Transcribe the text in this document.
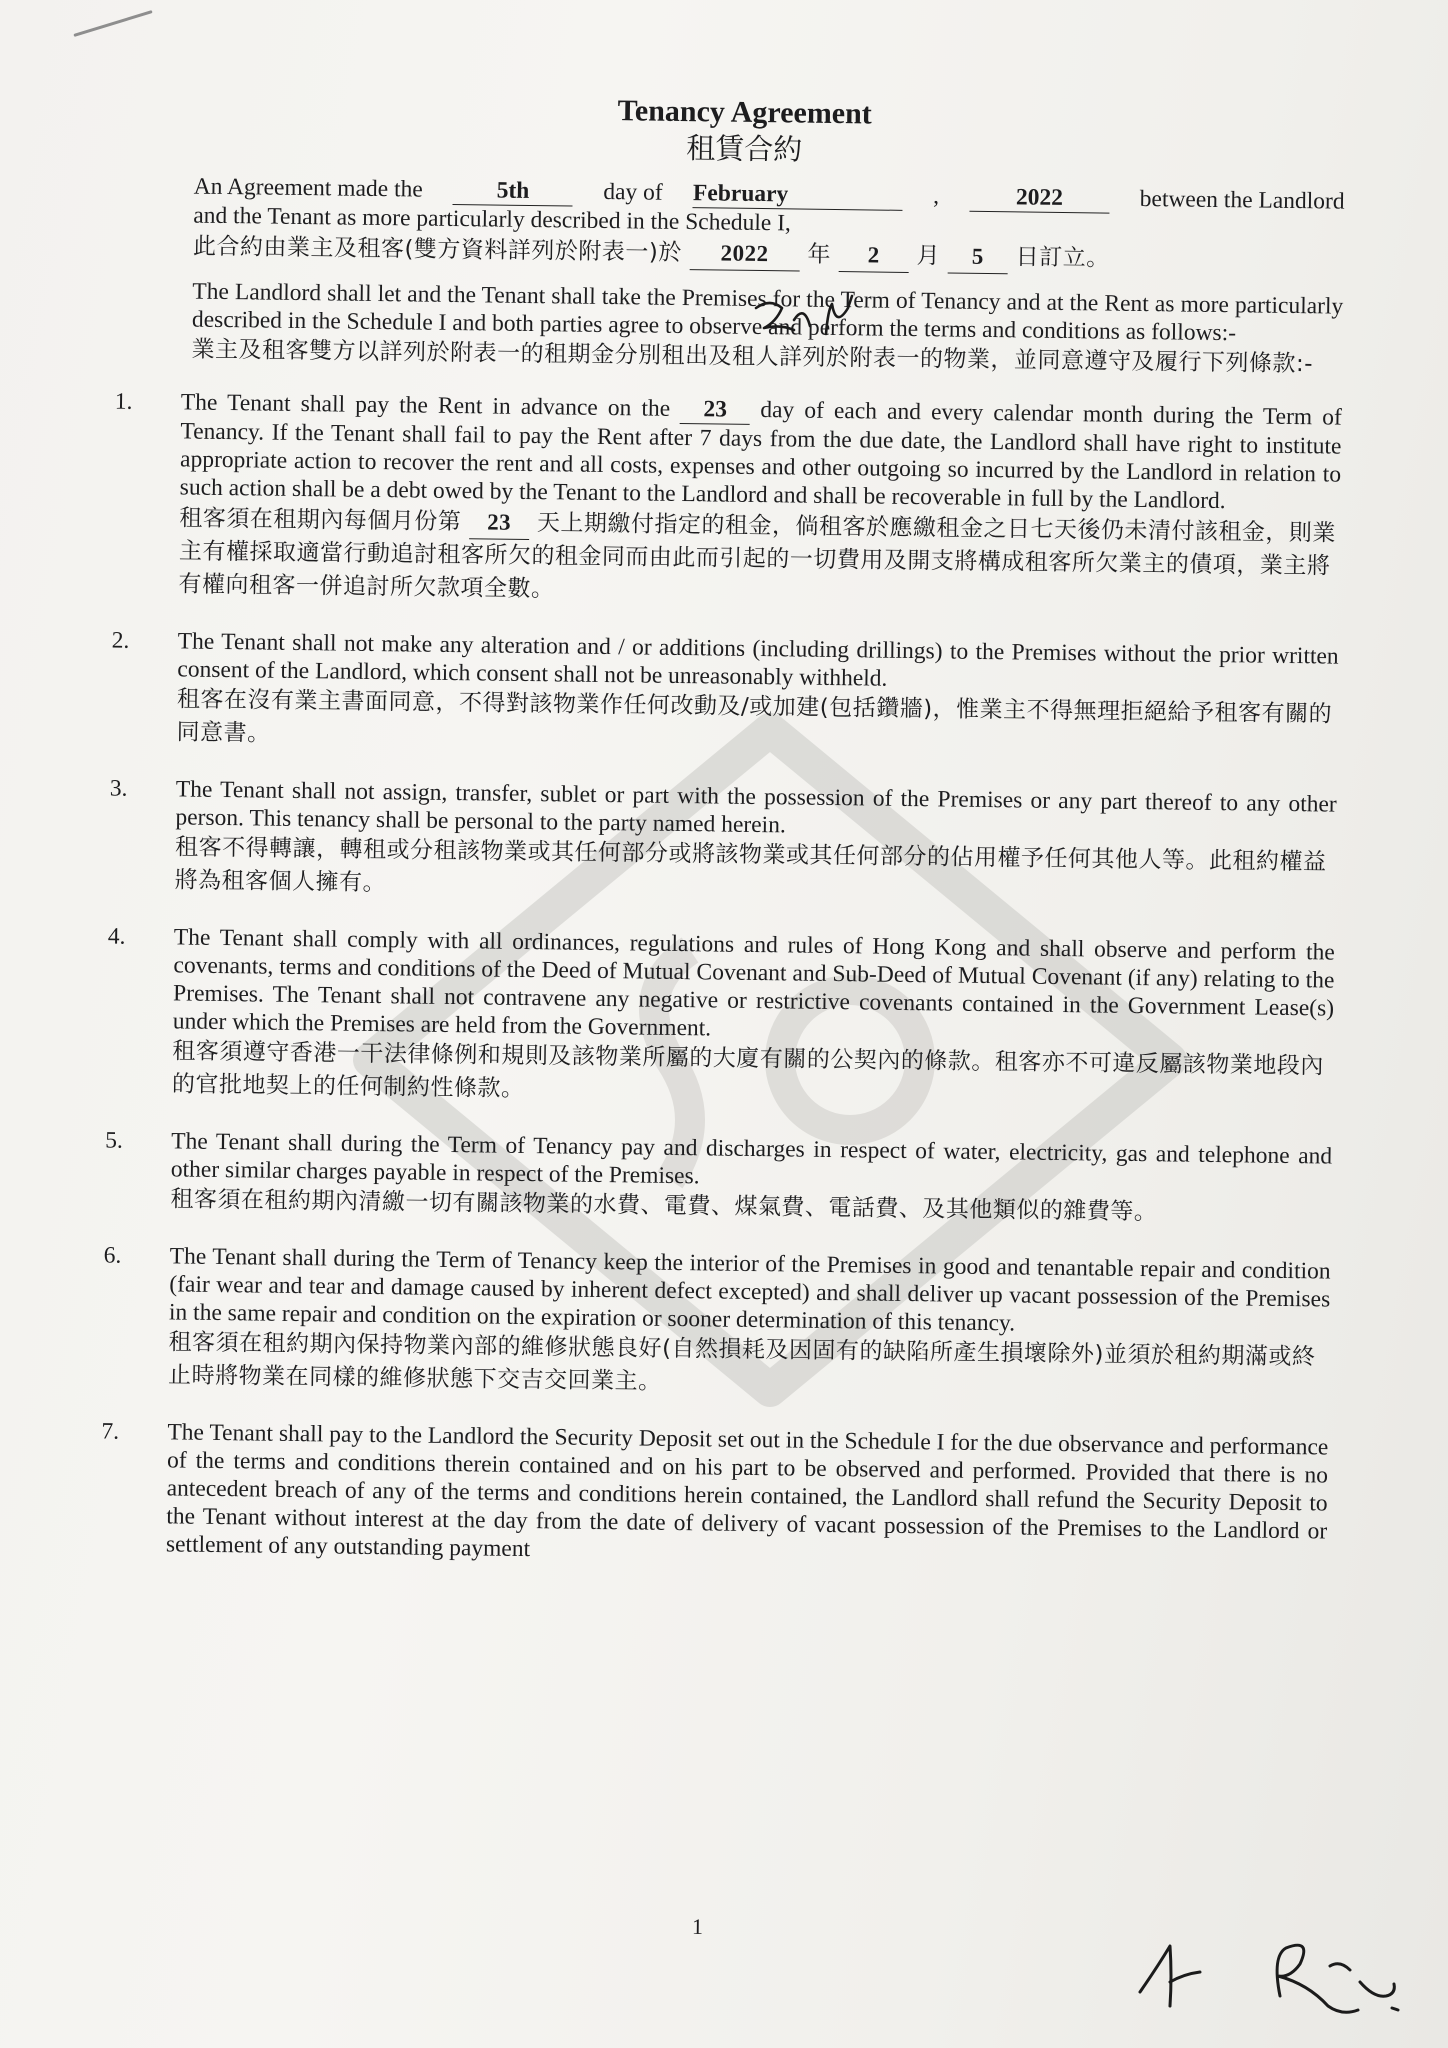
Tenancy Agreement
租賃合約
An Agreement made the	5th	day of February	,	2022	between the Landlord

and the Tenant as more particularly described in the Schedule I,

此合約由業主及租客(雙方資料詳列於附表一)於 2022 年 2 月 5 日訂立。

The Landlord shall let and the Tenant shall take the Premises for the Term of Tenancy and at the Rent as more particularly described in the Schedule I and both parties agree to observe and perform the terms and conditions as follows:-

業主及租客雙方以詳列於附表一的租期金分別租出及租人詳列於附表一的物業，並同意遵守及履行下列條款:-

1. The Tenant shall pay the Rent in advance on the 23 day of each and every calendar month during the Term of Tenancy. If the Tenant shall fail to pay the Rent after 7 days from the due date, the Landlord shall have right to institute appropriate action to recover the rent and all costs, expenses and other outgoing so incurred by the Landlord in relation to such action shall be a debt owed by the Tenant to the Landlord and shall be recoverable in full by the Landlord.

租客須在租期內每個月份第 23 天上期繳付指定的租金，倘租客於應繳租金之日七天後仍未清付該租金，則業主有權採取適當行動追討租客所欠的租金同而由此而引起的一切費用及開支將構成租客所欠業主的債項，業主將有權向租客一併追討所欠款項全數。

2. The Tenant shall not make any alteration and / or additions (including drillings) to the Premises without the prior written consent of the Landlord, which consent shall not be unreasonably withheld.

租客在沒有業主書面同意，不得對該物業作任何改動及/或加建(包括鑽牆)，惟業主不得無理拒絕給予租客有關的同意書。

3. The Tenant shall not assign, transfer, sublet or part with the possession of the Premises or any part thereof to any other person. This tenancy shall be personal to the party named herein.

租客不得轉讓，轉租或分租該物業或其任何部分或將該物業或其任何部分的佔用權予任何其他人等。此租約權益將為租客個人擁有。

4. The Tenant shall comply with all ordinances, regulations and rules of Hong Kong and shall observe and perform the covenants, terms and conditions of the Deed of Mutual Covenant and Sub-Deed of Mutual Covenant (if any) relating to the Premises. The Tenant shall not contravene any negative or restrictive covenants contained in the Government Lease(s) under which the Premises are held from the Government.

租客須遵守香港一干法律條例和規則及該物業所屬的大廈有關的公契內的條款。租客亦不可違反屬該物業地段內的官批地契上的任何制約性條款。

5. The Tenant shall during the Term of Tenancy pay and discharges in respect of water, electricity, gas and telephone and other similar charges payable in respect of the Premises.

租客須在租約期內清繳一切有關該物業的水費、電費、煤氣費、電話費、及其他類似的雜費等。

6. The Tenant shall during the Term of Tenancy keep the interior of the Premises in good and tenantable repair and condition (fair wear and tear and damage caused by inherent defect excepted) and shall deliver up vacant possession of the Premises in the same repair and condition on the expiration or sooner determination of this tenancy.

租客須在租約期內保持物業內部的維修狀態良好(自然損耗及因固有的缺陷所產生損壞除外)並須於租約期滿或終止時將物業在同樣的維修狀態下交吉交回業主。

7. The Tenant shall pay to the Landlord the Security Deposit set out in the Schedule I for the due observance and performance of the terms and conditions therein contained and on his part to be observed and performed. Provided that there is no antecedent breach of any of the terms and conditions herein contained, the Landlord shall refund the Security Deposit to the Tenant without interest at the day from the date of delivery of vacant possession of the Premises to the Landlord or settlement of any outstanding payment

1
